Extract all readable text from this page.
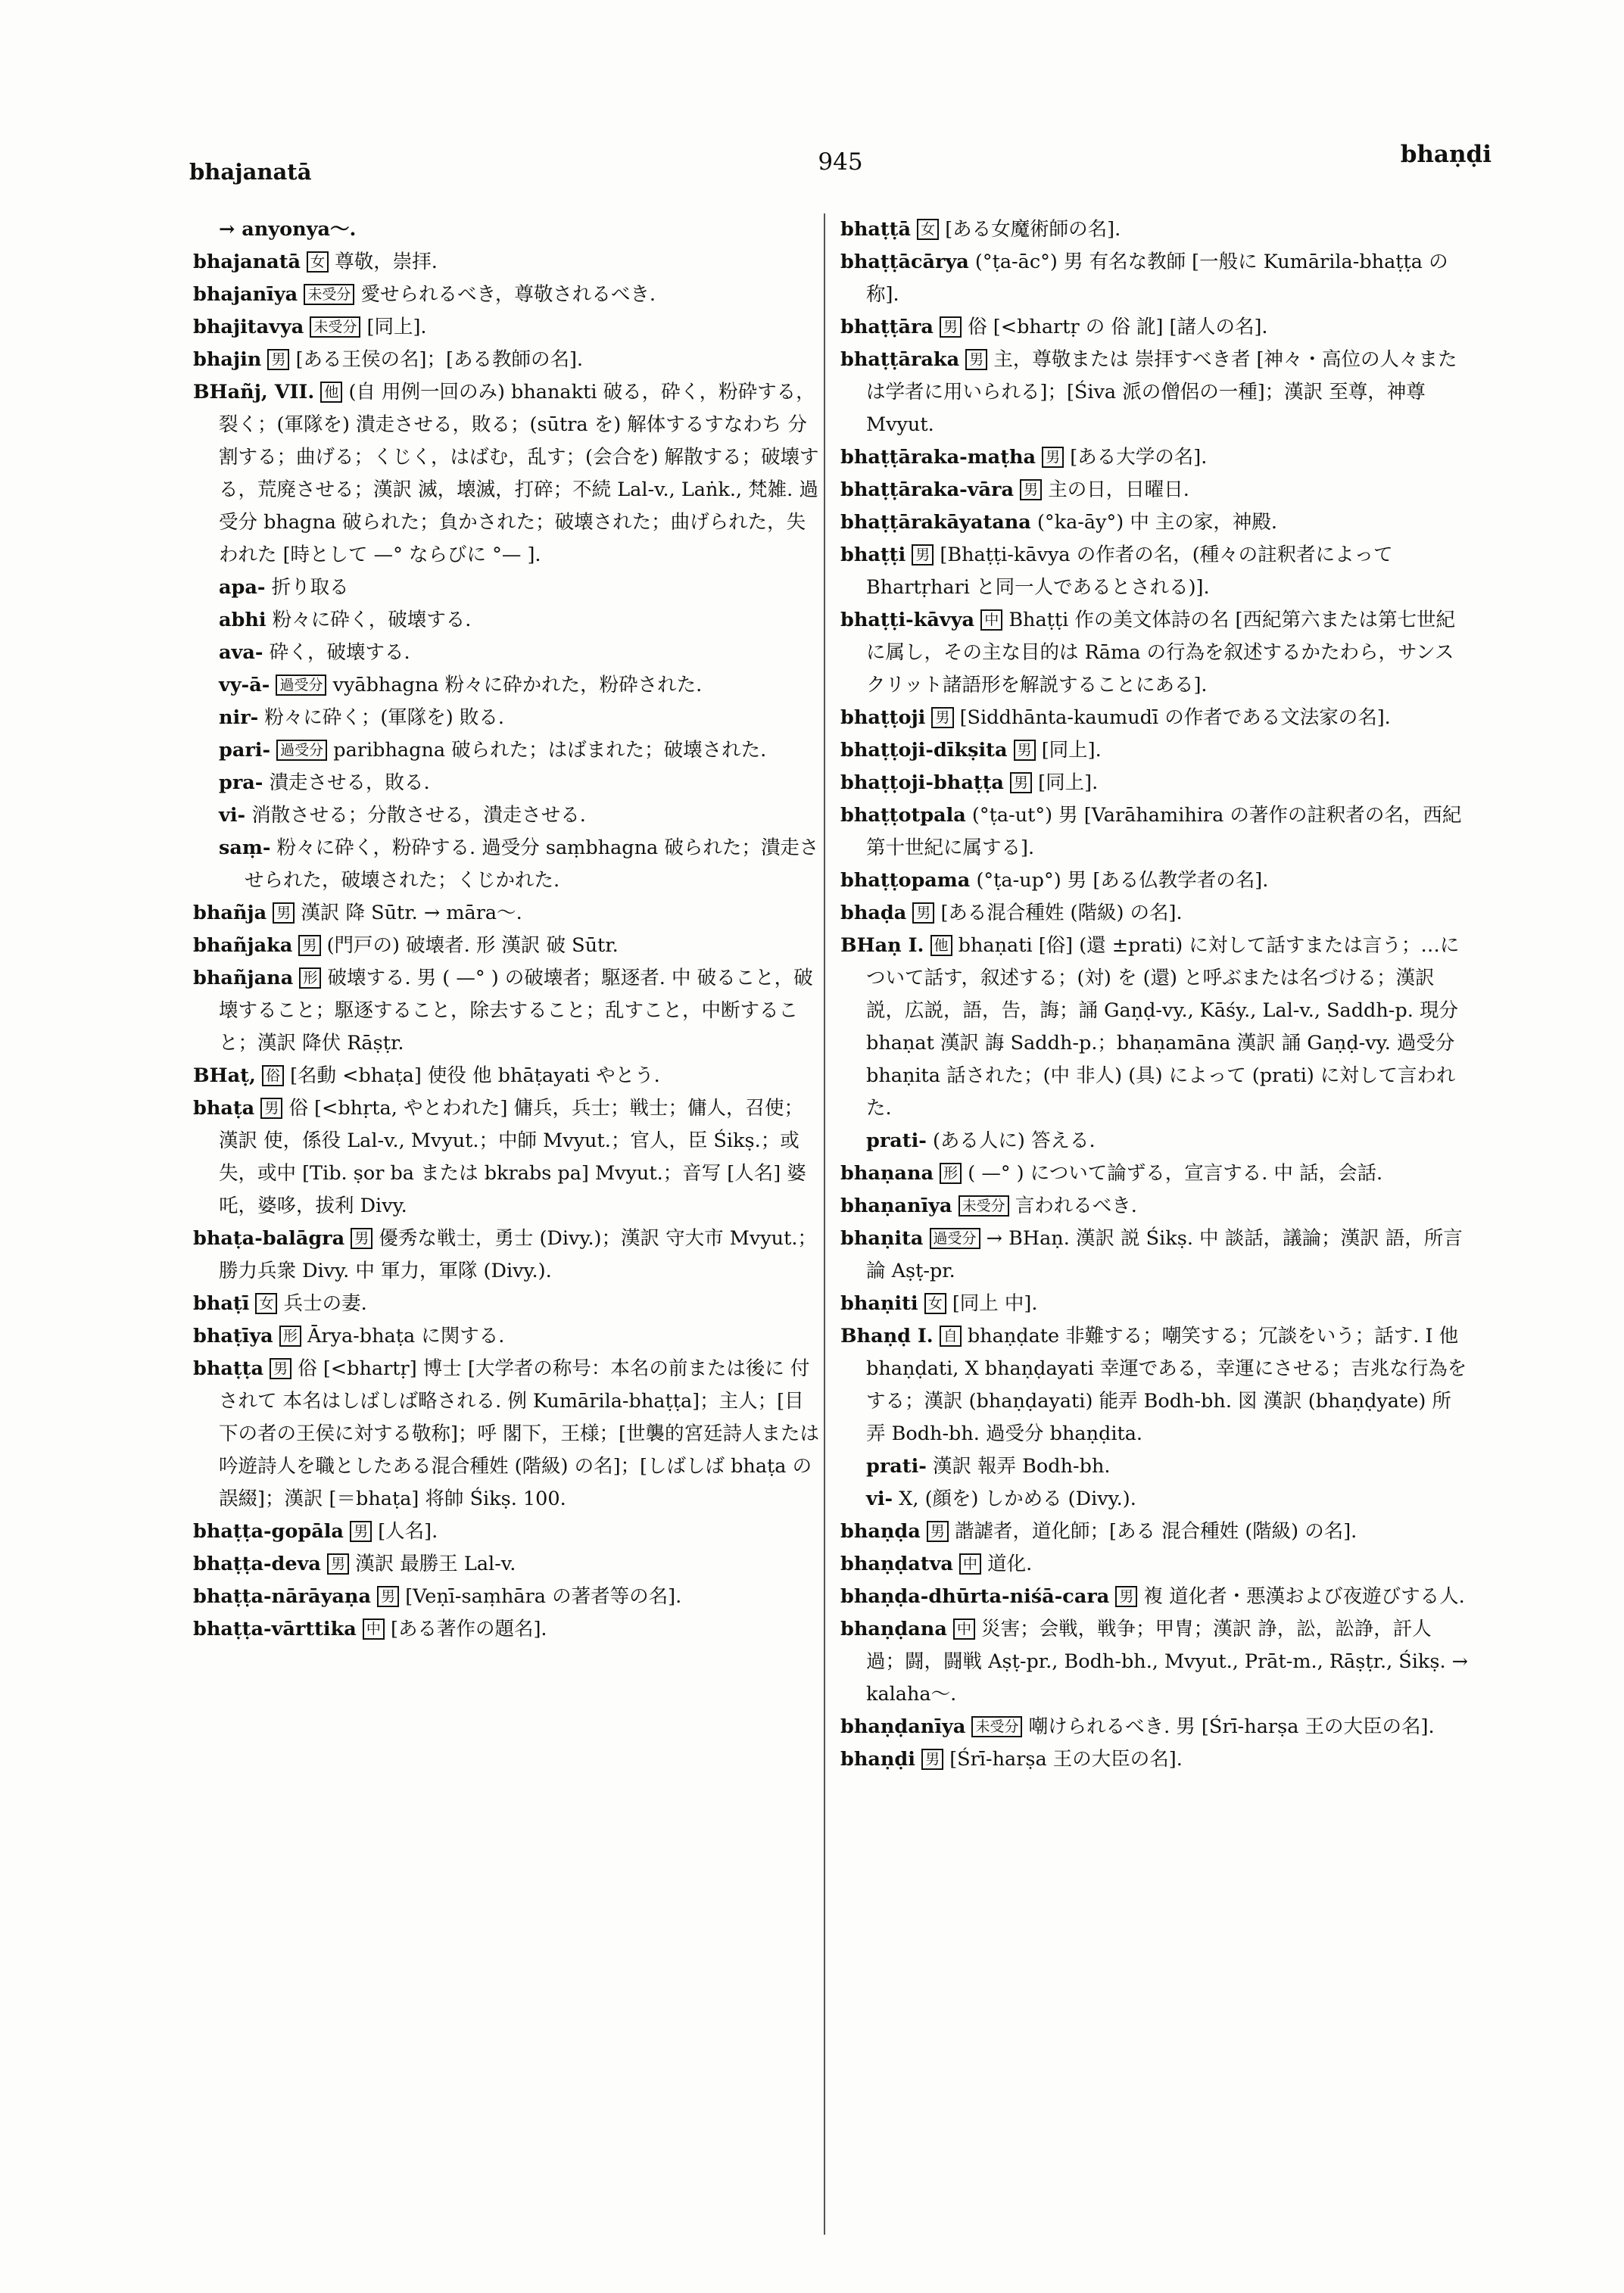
bhajanatā	945	bhaṇḍi
→ anyonya～.
bhajanatā 女 尊敬，崇拝.
bhajanīya 未受分 愛せられるべき，尊敬されるべき.
bhajitavya 未受分 [同上].
bhajin 男 [ある王侯の名]；[ある教師の名].
BHañj, VII. 他 (自 用例一回のみ) bhanakti 破る，砕く，粉砕する，裂く；(軍隊を) 潰走させる，敗る；(sūtra を) 解体するすなわち 分割する；曲げる；くじく，はばむ，乱す；(会合を) 解散する；破壊する，荒廃させる；漢訳 滅，壊滅，打碎；不続 Lal-v., Laṅk., 梵雑. 過受分 bhagna 破られた；負かされた；破壊された；曲げられた，失われた [時として —° ならびに °— ].
apa- 折り取る
abhi 粉々に砕く，破壊する.
ava- 砕く，破壊する.
vy-ā- 過受分 vyābhagna 粉々に砕かれた，粉砕された.
nir- 粉々に砕く；(軍隊を) 敗る.
pari- 過受分 paribhagna 破られた；はばまれた；破壊された.
pra- 潰走させる，敗る.
vi- 消散させる；分散させる，潰走させる.
saṃ- 粉々に砕く，粉砕する. 過受分 saṃbhagna 破られた；潰走させられた，破壊された；くじかれた.
bhañja 男 漢訳 降 Sūtr. → māra～.
bhañjaka 男 (門戸の) 破壊者. 形 漢訳 破 Sūtr.
bhañjana 形 破壊する. 男 ( —° ) の破壊者；駆逐者. 中 破ること，破壊すること；駆逐すること，除去すること；乱すこと，中断すること；漢訳 降伏 Rāṣṭr.
BHaṭ, 俗 [名動 <bhaṭa] 使役 他 bhāṭayati やとう.
bhaṭa 男 俗 [<bhṛta, やとわれた] 傭兵，兵士；戦士；傭人，召使；漢訳 使，係役 Lal-v., Mvyut.；中師 Mvyut.；官人，臣 Śikṣ.；或失，或中 [Tib. ṣor ba または bkrabs pa] Mvyut.；音写 [人名] 婆吒，婆哆，拔利 Divy.
bhaṭa-balāgra 男 優秀な戦士，勇士 (Divy.)；漢訳 守大市 Mvyut.；勝力兵衆 Divy. 中 軍力，軍隊 (Divy.).
bhaṭī 女 兵士の妻.
bhaṭīya 形 Ārya-bhaṭa に関する.
bhaṭṭa 男 俗 [<bhartṛ] 博士 [大学者の称号：本名の前または後に 付されて 本名はしばしば略される. 例 Kumārila-bhaṭṭa]；主人；[目下の者の王侯に対する敬称]；呼 閣下，王様；[世襲的宮廷詩人または吟遊詩人を職としたある混合種姓 (階級) の名]；[しばしば bhaṭa の誤綴]；漢訳 [＝bhaṭa] 将帥 Śikṣ. 100.
bhaṭṭa-gopāla 男 [人名].
bhaṭṭa-deva 男 漢訳 最勝王 Lal-v.
bhaṭṭa-nārāyaṇa 男 [Veṇī-saṃhāra の著者等の名].
bhaṭṭa-vārttika 中 [ある著作の題名].
bhaṭṭā 女 [ある女魔術師の名].
bhaṭṭācārya (°ṭa-āc°) 男 有名な教師 [一般に Kumārila-bhaṭṭa の称].
bhaṭṭāra 男 俗 [<bhartṛ の 俗 訛] [諸人の名].
bhaṭṭāraka 男 主，尊敬または 崇拝すべき者 [神々・高位の人々または学者に用いられる]；[Śiva 派の僧侶の一種]；漢訳 至尊，神尊 Mvyut.
bhaṭṭāraka-maṭha 男 [ある大学の名].
bhaṭṭāraka-vāra 男 主の日，日曜日.
bhaṭṭārakāyatana (°ka-āy°) 中 主の家，神殿.
bhaṭṭi 男 [Bhaṭṭi-kāvya の作者の名，(種々の註釈者によって Bhartṛhari と同一人であるとされる)].
bhaṭṭi-kāvya 中 Bhaṭṭi 作の美文体詩の名 [西紀第六または第七世紀に属し，その主な目的は Rāma の行為を叙述するかたわら，サンスクリット諸語形を解説することにある].
bhaṭṭoji 男 [Siddhānta-kaumudī の作者である文法家の名].
bhaṭṭoji-dīkṣita 男 [同上].
bhaṭṭoji-bhaṭṭa 男 [同上].
bhaṭṭotpala (°ṭa-ut°) 男 [Varāhamihira の著作の註釈者の名，西紀第十世紀に属する].
bhaṭṭopama (°ṭa-up°) 男 [ある仏教学者の名].
bhaḍa 男 [ある混合種姓 (階級) の名].
BHaṇ I. 他 bhaṇati [俗] (還 ±prati) に対して話すまたは言う；…について話す，叙述する；(対) を (還) と呼ぶまたは名づける；漢訳 説，広説，語，告，誨；誦 Gaṇḍ-vy., Kāśy., Lal-v., Saddh-p. 現分 bhaṇat 漢訳 誨 Saddh-p.；bhaṇamāna 漢訳 誦 Gaṇḍ-vy. 過受分 bhaṇita 話された；(中 非人) (具) によって (prati) に対して言われた.
prati- (ある人に) 答える.
bhaṇana 形 ( —° ) について論ずる，宣言する. 中 話，会話.
bhaṇanīya 未受分 言われるべき.
bhaṇita 過受分 → BHaṇ. 漢訳 説 Śikṣ. 中 談話，議論；漢訳 語，所言論 Aṣṭ-pr.
bhaṇiti 女 [同上 中].
Bhaṇḍ I. 自 bhaṇḍate 非難する；嘲笑する；冗談をいう；話す. I 他 bhaṇḍati, X bhaṇḍayati 幸運である，幸運にさせる；吉兆な行為をする；漢訳 (bhaṇḍayati) 能弄 Bodh-bh. 図 漢訳 (bhaṇḍyate) 所弄 Bodh-bh. 過受分 bhaṇḍita.
prati- 漢訳 報弄 Bodh-bh.
vi- X, (顔を) しかめる (Divy.).
bhaṇḍa 男 諧謔者，道化師；[ある 混合種姓 (階級) の名].
bhaṇḍatva 中 道化.
bhaṇḍa-dhūrta-niśā-cara 男 複 道化者・悪漢および夜遊びする人.
bhaṇḍana 中 災害；会戦，戦争；甲冑；漢訳 諍，訟，訟諍，訐人過；闘，闘戦 Aṣṭ-pr., Bodh-bh., Mvyut., Prāt-m., Rāṣṭr., Śikṣ. → kalaha～.
bhaṇḍanīya 未受分 嘲けられるべき. 男 [Śrī-harṣa 王の大臣の名].
bhaṇḍi 男 [Śrī-harṣa 王の大臣の名].
